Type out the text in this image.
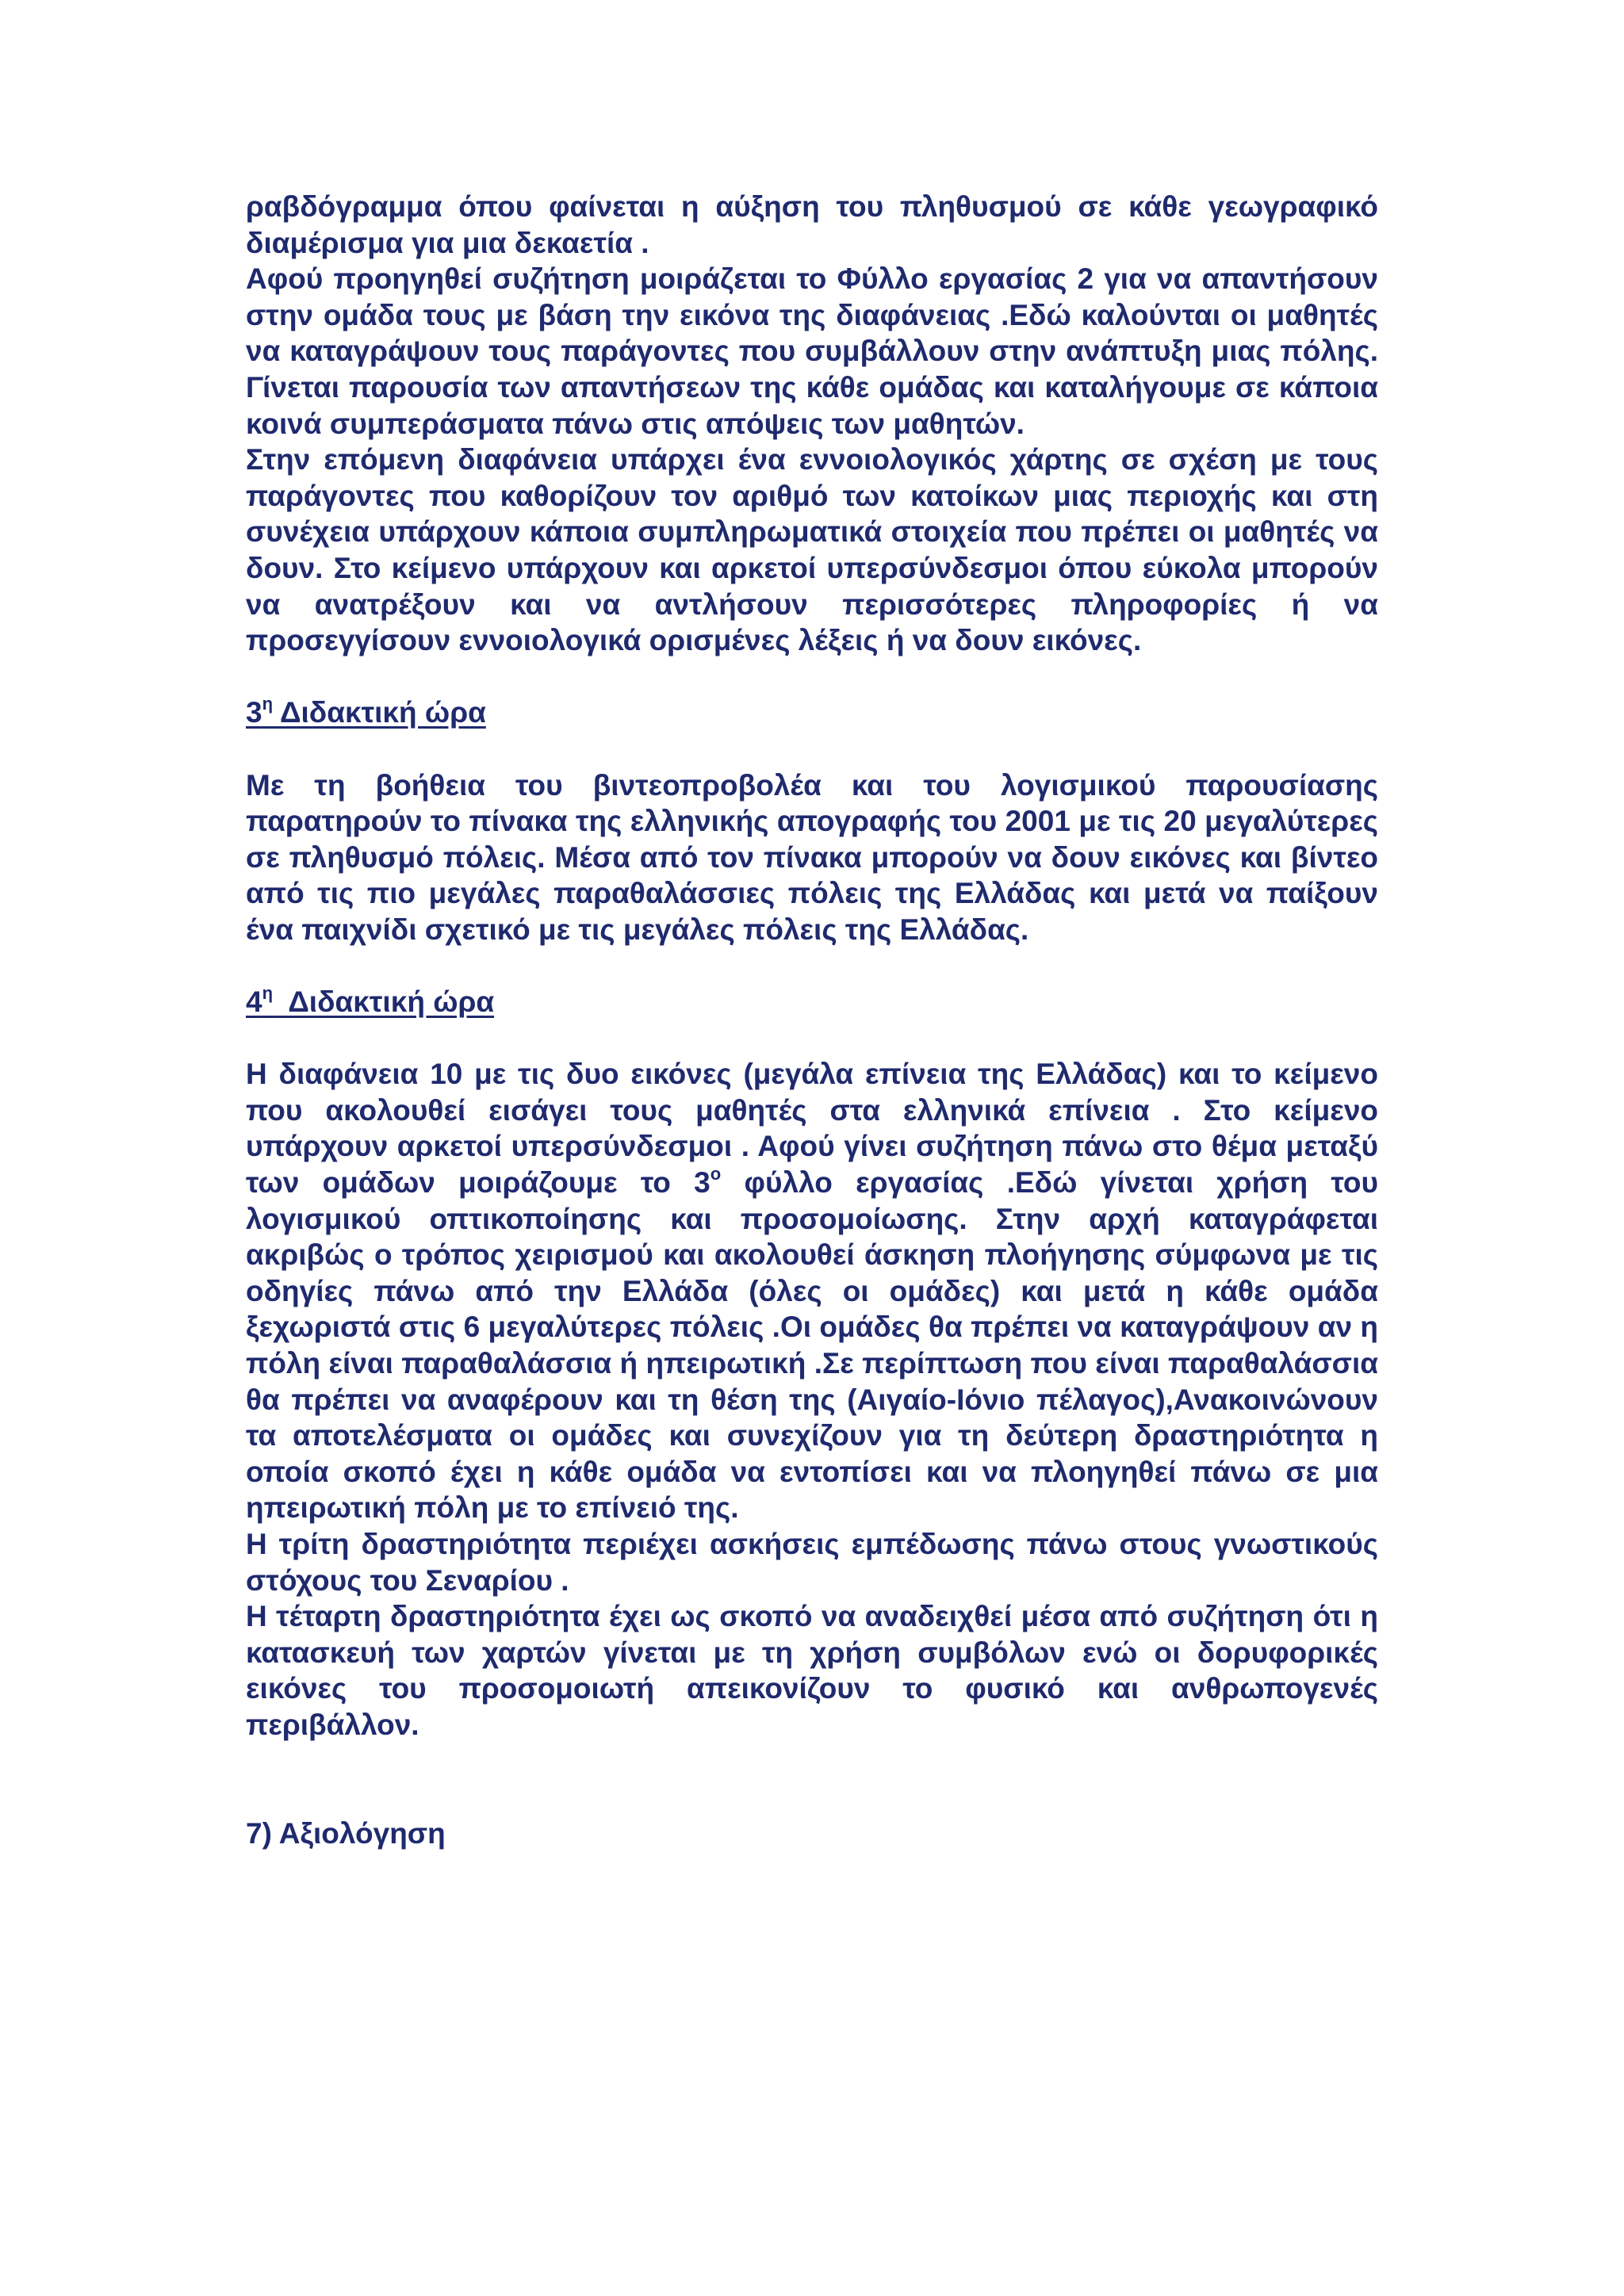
ραβδόγραμμα όπου φαίνεται η αύξηση του πληθυσμού σε κάθε γεωγραφικό διαμέρισμα για μια δεκαετία .

Αφού προηγηθεί συζήτηση μοιράζεται το Φύλλο εργασίας 2 για να απαντήσουν στην ομάδα τους με βάση την εικόνα της διαφάνειας .Εδώ καλούνται οι μαθητές να καταγράψουν τους παράγοντες που συμβάλλουν στην ανάπτυξη μιας πόλης. Γίνεται παρουσία των απαντήσεων της κάθε ομάδας και καταλήγουμε σε κάποια κοινά συμπεράσματα πάνω στις απόψεις των μαθητών.

Στην επόμενη διαφάνεια υπάρχει ένα εννοιολογικός χάρτης σε σχέση με τους παράγοντες που καθορίζουν τον αριθμό των κατοίκων μιας περιοχής και στη συνέχεια υπάρχουν κάποια συμπληρωματικά στοιχεία που πρέπει οι μαθητές να δουν. Στο κείμενο υπάρχουν και αρκετοί υπερσύνδεσμοι όπου εύκολα μπορούν να ανατρέξουν και να αντλήσουν περισσότερες πληροφορίες ή να προσεγγίσουν εννοιολογικά ορισμένες λέξεις ή να δουν εικόνες.

$3^\eta$ Διδακτική ώρα

Με τη βοήθεια του βιντεοπροβολέα και του λογισμικού παρουσίασης παρατηρούν το πίνακα της ελληνικής απογραφής του 2001 με τις 20 μεγαλύτερες σε πληθυσμό πόλεις. Μέσα από τον πίνακα μπορούν να δουν εικόνες και βίντεο από τις πιο μεγάλες παραθαλάσσιες πόλεις της Ελλάδας και μετά να παίξουν ένα παιχνίδι σχετικό με τις μεγάλες πόλεις της Ελλάδας.

$4^\eta$  Διδακτική ώρα

Η διαφάνεια 10 με τις δυο εικόνες (μεγάλα επίνεια της Ελλάδας) και το κείμενο που ακολουθεί εισάγει τους μαθητές στα ελληνικά επίνεια . Στο κείμενο υπάρχουν αρκετοί υπερσύνδεσμοι . Αφού γίνει συζήτηση πάνω στο θέμα μεταξύ των ομάδων μοιράζουμε το $3^o$ φύλλο εργασίας .Εδώ γίνεται χρήση του λογισμικού οπτικοποίησης και προσομοίωσης. Στην αρχή καταγράφεται ακριβώς ο τρόπος χειρισμού και ακολουθεί άσκηση πλοήγησης σύμφωνα με τις οδηγίες πάνω από την Ελλάδα (όλες οι ομάδες) και μετά η κάθε ομάδα ξεχωριστά στις 6 μεγαλύτερες πόλεις .Οι ομάδες θα πρέπει να καταγράψουν αν η πόλη είναι παραθαλάσσια ή ηπειρωτική .Σε περίπτωση που είναι παραθαλάσσια θα πρέπει να αναφέρουν και τη θέση της (Αιγαίο-Ιόνιο πέλαγος),Ανακοινώνουν τα αποτελέσματα οι ομάδες και συνεχίζουν για τη δεύτερη δραστηριότητα η οποία σκοπό έχει η κάθε ομάδα να εντοπίσει και να πλοηγηθεί πάνω σε μια ηπειρωτική πόλη με το επίνειό της.

Η τρίτη δραστηριότητα περιέχει ασκήσεις εμπέδωσης πάνω στους γνωστικούς στόχους του Σεναρίου .

Η τέταρτη δραστηριότητα έχει ως σκοπό να αναδειχθεί μέσα από συζήτηση ότι η κατασκευή των χαρτών γίνεται με τη χρήση συμβόλων ενώ οι δορυφορικές εικόνες του προσομοιωτή απεικονίζουν το φυσικό και ανθρωπογενές περιβάλλον.

7) Αξιολόγηση
